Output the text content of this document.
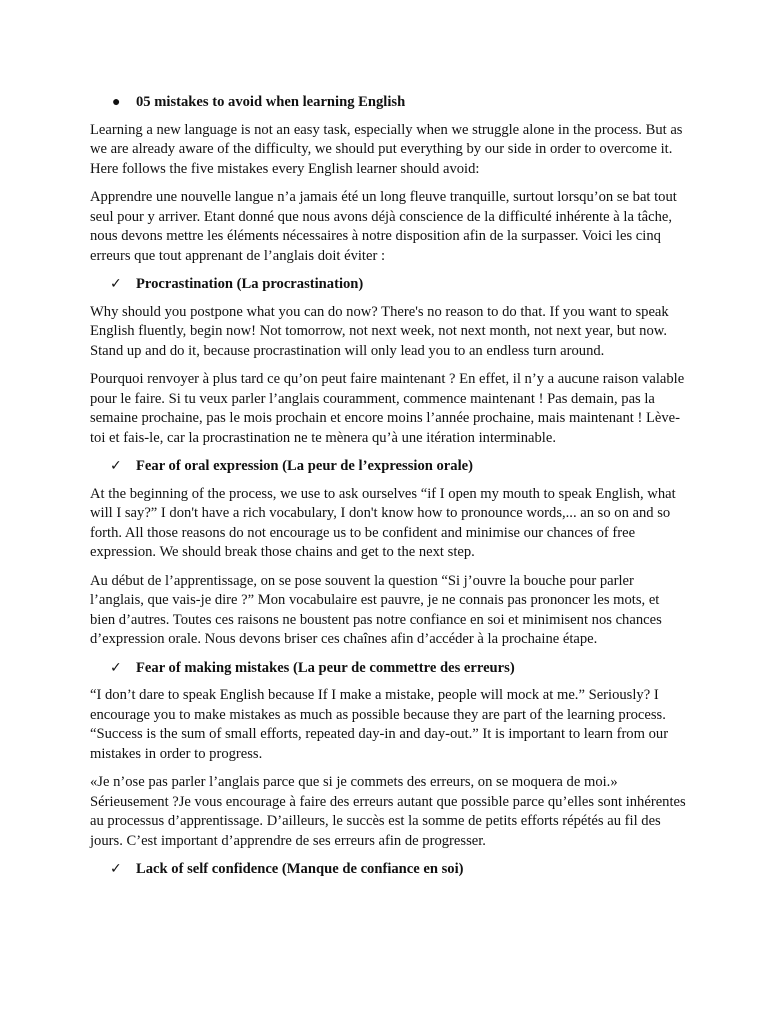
● 05 mistakes to avoid when learning English

Learning a new language is not an easy task, especially when we struggle alone in the process. But as we are already aware of the difficulty, we should put everything by our side in order to overcome it. Here follows the five mistakes every English learner should avoid:

Apprendre une nouvelle langue n’a jamais été un long fleuve tranquille, surtout lorsqu’on se bat tout seul pour y arriver. Etant donné que nous avons déjà conscience de la difficulté inhérente à la tâche, nous devons mettre les éléments nécessaires à notre disposition afin de la surpasser. Voici les cinq erreurs que tout apprenant de l’anglais doit éviter :

✓ Procrastination (La procrastination)

Why should you postpone what you can do now? There's no reason to do that. If you want to speak English fluently, begin now! Not tomorrow, not next week, not next month, not next year, but now. Stand up and do it, because procrastination will only lead you to an endless turn around.

Pourquoi renvoyer à plus tard ce qu’on peut faire maintenant ? En effet, il n’y a aucune raison valable pour le faire. Si tu veux parler l’anglais couramment, commence maintenant ! Pas demain, pas la semaine prochaine, pas le mois prochain et encore moins l’année prochaine, mais maintenant ! Lève-toi et fais-le, car la procrastination ne te mènera qu’à une itération interminable.

✓ Fear of oral expression (La peur de l’expression orale)

At the beginning of the process, we use to ask ourselves “if I open my mouth to speak English, what will I say?” I don't have a rich vocabulary, I don't know how to pronounce words,... an so on and so forth. All those reasons do not encourage us to be confident and minimise our chances of free expression. We should break those chains and get to the next step.

Au début de l’apprentissage, on se pose souvent la question “Si j’ouvre la bouche pour parler l’anglais, que vais-je dire ?” Mon vocabulaire est pauvre, je ne connais pas prononcer les mots, et bien d’autres. Toutes ces raisons ne boustent pas notre confiance en soi et minimisent nos chances d’expression orale. Nous devons briser ces chaînes afin d’accéder à la prochaine étape.

✓ Fear of making mistakes (La peur de commettre des erreurs)

“I don’t dare to speak English because If I make a mistake, people will mock at me.” Seriously? I encourage you to make mistakes as much as possible because they are part of the learning process. “Success is the sum of small efforts, repeated day-in and day-out.” It is important to learn from our mistakes in order to progress.

«Je n’ose pas parler l’anglais parce que si je commets des erreurs, on se moquera de moi.» Sérieusement ?Je vous encourage à faire des erreurs autant que possible parce qu’elles sont inhérentes au processus d’apprentissage. D’ailleurs, le succès est la somme de petits efforts répétés au fil des jours. C’est important d’apprendre de ses erreurs afin de progresser.

✓ Lack of self confidence (Manque de confiance en soi)
